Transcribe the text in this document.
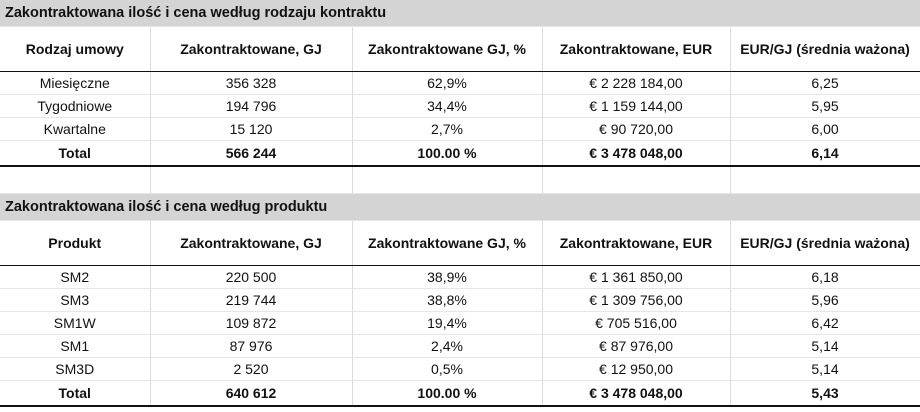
Zakontraktowana ilość i cena według rodzaju kontraktu				
Rodzaj umowy	Zakontraktowane, GJ	Zakontraktowane GJ, %	Zakontraktowane, EUR	EUR/GJ (średnia ważona)
Miesięczne	356 328	62,9%	€ 2 228 184,00	6,25
Tygodniowe	194 796	34,4%	€ 1 159 144,00	5,95
Kwartalne	15 120	2,7%	€ 90 720,00	6,00
Total	566 244	100.00 %	€ 3 478 048,00	6,14

Zakontraktowana ilość i cena według produktu				
Produkt	Zakontraktowane, GJ	Zakontraktowane GJ, %	Zakontraktowane, EUR	EUR/GJ (średnia ważona)
SM2	220 500	38,9%	€ 1 361 850,00	6,18
SM3	219 744	38,8%	€ 1 309 756,00	5,96
SM1W	109 872	19,4%	€ 705 516,00	6,42
SM1	87 976	2,4%	€ 87 976,00	5,14
SM3D	2 520	0,5%	€ 12 950,00	5,14
Total	640 612	100.00 %	€ 3 478 048,00	5,43
